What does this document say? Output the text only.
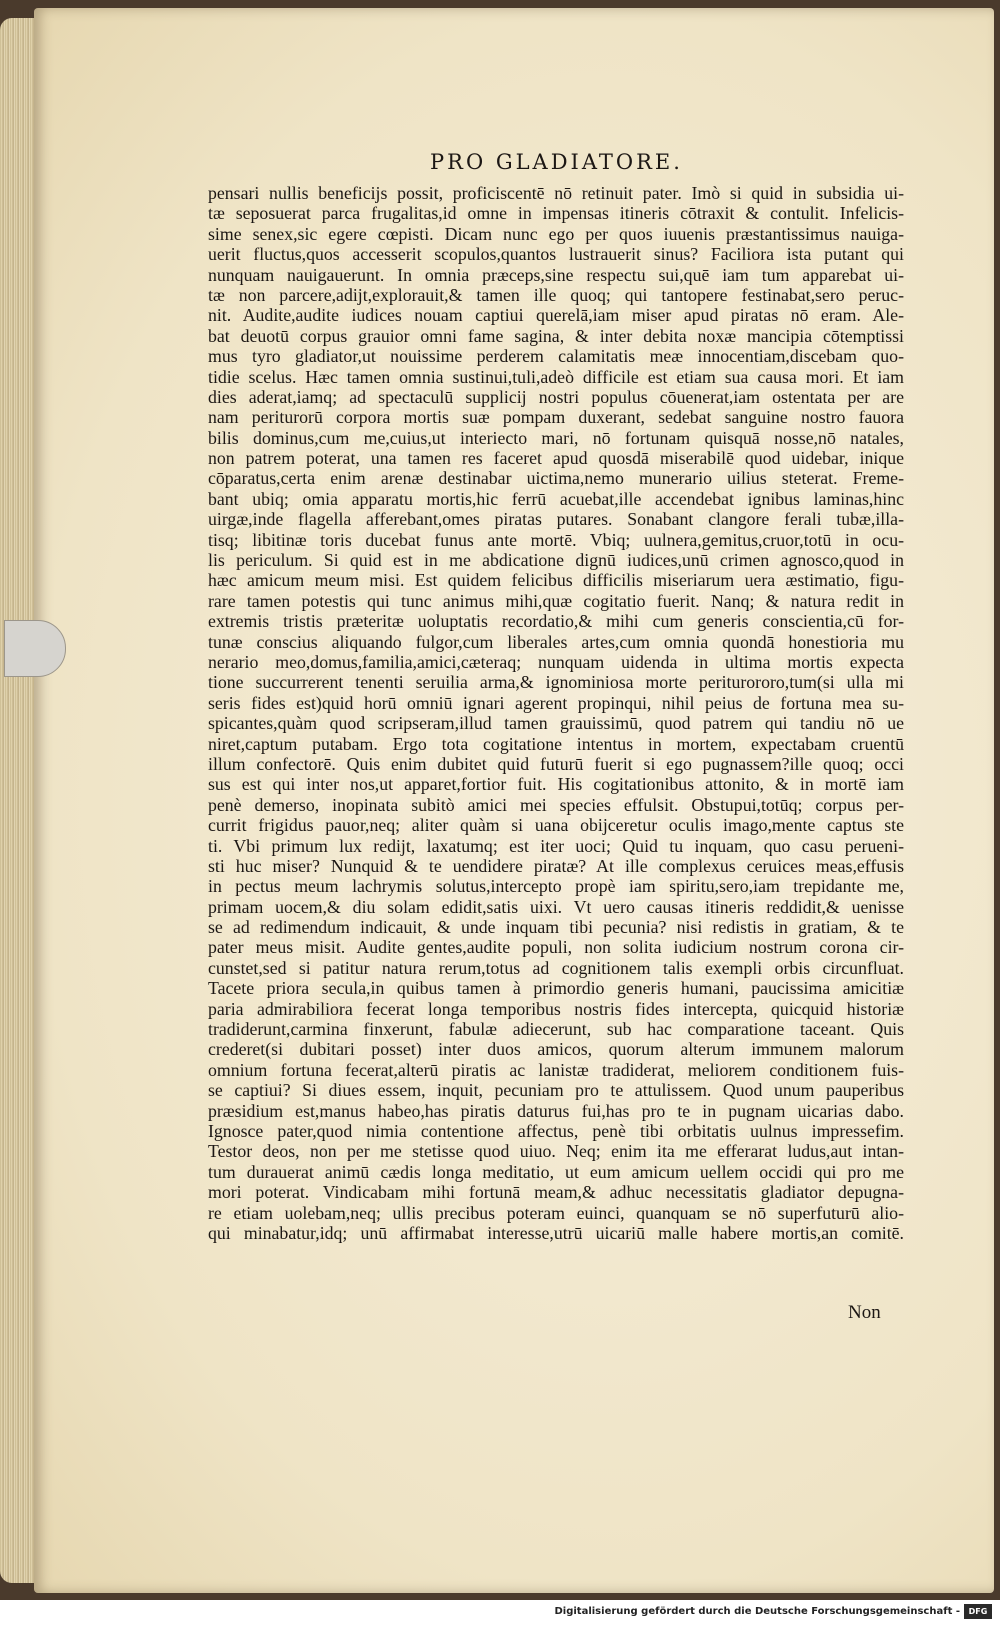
PRO GLADIATORE.
pensari nullis beneficijs possit, proficiscentē nō retinuit pater. Imò si quid in subsidia ui-
tæ seposuerat parca frugalitas,id omne in impensas itineris cōtraxit & contulit. Infelicis-
sime senex,sic egere cœpisti. Dicam nunc ego per quos iuuenis præstantissimus nauiga-
uerit fluctus,quos accesserit scopulos,quantos lustrauerit sinus? Faciliora ista putant qui
nunquam nauigauerunt. In omnia præceps,sine respectu sui,quē iam tum apparebat ui-
tæ non parcere,adijt,explorauit,& tamen ille quoq; qui tantopere festinabat,sero peruc-
nit. Audite,audite iudices nouam captiui querelā,iam miser apud piratas nō eram. Ale-
bat deuotū corpus grauior omni fame sagina, & inter debita noxæ mancipia cōtemptissi
mus tyro gladiator,ut nouissime perderem calamitatis meæ innocentiam,discebam quo-
tidie scelus. Hæc tamen omnia sustinui,tuli,adeò difficile est etiam sua causa mori. Et iam
dies aderat,iamq; ad spectaculū supplicij nostri populus cōuenerat,iam ostentata per are
nam periturorū corpora mortis suæ pompam duxerant, sedebat sanguine nostro fauora
bilis dominus,cum me,cuius,ut interiecto mari, nō fortunam quisquā nosse,nō natales,
non patrem poterat, una tamen res faceret apud quosdā miserabilē quod uidebar, inique
cōparatus,certa enim arenæ destinabar uictima,nemo munerario uilius steterat. Freme-
bant ubiq; omia apparatu mortis,hic ferrū acuebat,ille accendebat ignibus laminas,hinc
uirgæ,inde flagella afferebant,omes piratas putares. Sonabant clangore ferali tubæ,illa-
tisq; libitinæ toris ducebat funus ante mortē. Vbiq; uulnera,gemitus,cruor,totū in ocu-
lis periculum. Si quid est in me abdicatione dignū iudices,unū crimen agnosco,quod in
hæc amicum meum misi. Est quidem felicibus difficilis miseriarum uera æstimatio, figu-
rare tamen potestis qui tunc animus mihi,quæ cogitatio fuerit. Nanq; & natura redit in
extremis tristis præteritæ uoluptatis recordatio,& mihi cum generis conscientia,cū for-
tunæ conscius aliquando fulgor,cum liberales artes,cum omnia quondā honestioria mu
nerario meo,domus,familia,amici,cæteraq; nunquam uidenda in ultima mortis expecta
tione succurrerent tenenti seruilia arma,& ignominiosa morte periturororo,tum(si ulla mi
seris fides est)quid horū omniū ignari agerent propinqui, nihil peius de fortuna mea su-
spicantes,quàm quod scripseram,illud tamen grauissimū, quod patrem qui tandiu nō ue
niret,captum putabam. Ergo tota cogitatione intentus in mortem, expectabam cruentū
illum confectorē. Quis enim dubitet quid futurū fuerit si ego pugnassem?ille quoq; occi
sus est qui inter nos,ut apparet,fortior fuit. His cogitationibus attonito, & in mortē iam
penè demerso, inopinata subitò amici mei species effulsit. Obstupui,totūq; corpus per-
currit frigidus pauor,neq; aliter quàm si uana obijceretur oculis imago,mente captus ste
ti. Vbi primum lux redijt, laxatumq; est iter uoci; Quid tu inquam, quo casu perueni-
sti huc miser? Nunquid & te uendidere piratæ? At ille complexus ceruices meas,effusis
in pectus meum lachrymis solutus,intercepto propè iam spiritu,sero,iam trepidante me,
primam uocem,& diu solam edidit,satis uixi. Vt uero causas itineris reddidit,& uenisse
se ad redimendum indicauit, & unde inquam tibi pecunia? nisi redistis in gratiam, & te
pater meus misit. Audite gentes,audite populi, non solita iudicium nostrum corona cir-
cunstet,sed si patitur natura rerum,totus ad cognitionem talis exempli orbis circunfluat.
Tacete priora secula,in quibus tamen à primordio generis humani, paucissima amicitiæ
paria admirabiliora fecerat longa temporibus nostris fides intercepta, quicquid historiæ
tradiderunt,carmina finxerunt, fabulæ adiecerunt, sub hac comparatione taceant. Quis
crederet(si dubitari posset) inter duos amicos, quorum alterum immunem malorum
omnium fortuna fecerat,alterū piratis ac lanistæ tradiderat, meliorem conditionem fuis-
se captiui? Si diues essem, inquit, pecuniam pro te attulissem. Quod unum pauperibus
præsidium est,manus habeo,has piratis daturus fui,has pro te in pugnam uicarias dabo.
Ignosce pater,quod nimia contentione affectus, penè tibi orbitatis uulnus impressefim.
Testor deos, non per me stetisse quod uiuo. Neq; enim ita me efferarat ludus,aut intan-
tum durauerat animū cædis longa meditatio, ut eum amicum uellem occidi qui pro me
mori poterat. Vindicabam mihi fortunā meam,& adhuc necessitatis gladiator depugna-
re etiam uolebam,neq; ullis precibus poteram euinci, quanquam se nō superfuturū alio-
qui minabatur,idq; unū affirmabat interesse,utrū uicariū malle habere mortis,an comitē.
Non
Digitalisierung gefördert durch die Deutsche Forschungsgemeinschaft -	DFG
